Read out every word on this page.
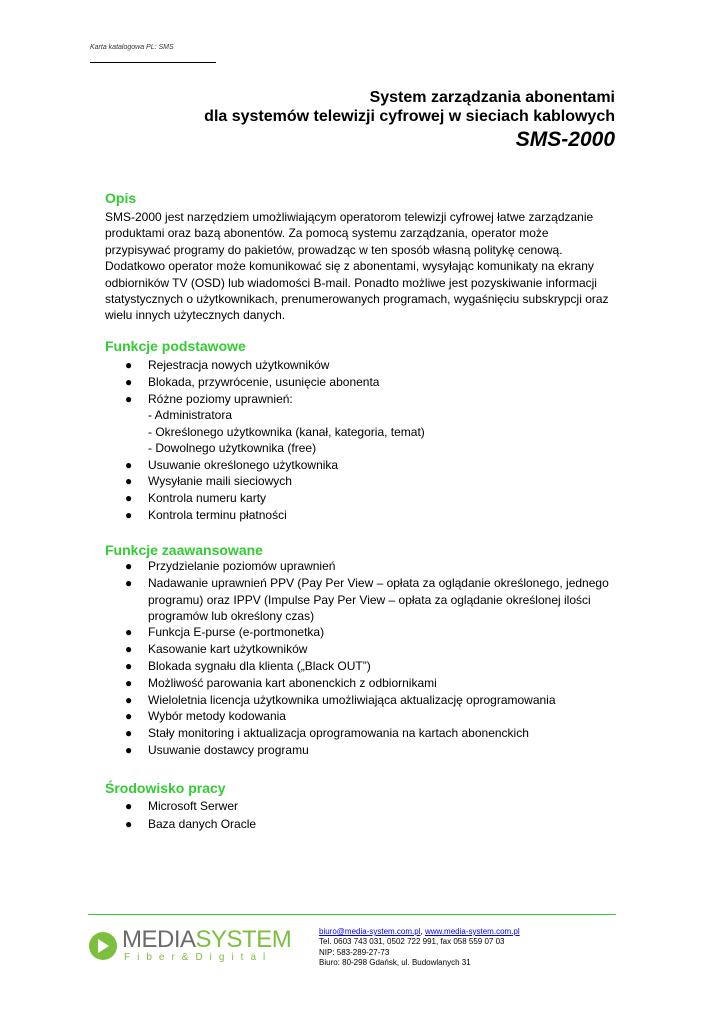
Karta katalogowa PL: SMS
System zarządzania abonentami
dla systemów telewizji cyfrowej w sieciach kablowych
SMS-2000
Opis
SMS-2000 jest narzędziem umożliwiającym operatorom telewizji cyfrowej łatwe zarządzanie
produktami oraz bazą abonentów. Za pomocą systemu zarządzania, operator może
przypisywać programy do pakietów, prowadząc w ten sposób własną politykę cenową.
Dodatkowo operator może komunikować się z abonentami, wysyłając komunikaty na ekrany
odbiorników TV (OSD) lub wiadomości B-mail. Ponadto możliwe jest pozyskiwanie informacji
statystycznych o użytkownikach, prenumerowanych programach, wygaśnięciu subskrypcji oraz
wielu innych użytecznych danych.
Funkcje podstawowe
● Rejestracja nowych użytkowników
● Blokada, przywrócenie, usunięcie abonenta
● Różne poziomy uprawnień:
- Administratora
- Określonego użytkownika (kanał, kategoria, temat)
- Dowolnego użytkownika (free)
● Usuwanie określonego użytkownika
● Wysyłanie maili sieciowych
● Kontrola numeru karty
● Kontrola terminu płatności
Funkcje zaawansowane
● Przydzielanie poziomów uprawnień
● Nadawanie uprawnień PPV (Pay Per View – opłata za oglądanie określonego, jednego
programu) oraz IPPV (Impulse Pay Per View – opłata za oglądanie określonej ilości
programów lub określony czas)
● Funkcja E-purse (e-portmonetka)
● Kasowanie kart użytkowników
● Blokada sygnału dla klienta („Black OUT”)
● Możliwość parowania kart abonenckich z odbiornikami
● Wieloletnia licencja użytkownika umożliwiająca aktualizację oprogramowania
● Wybór metody kodowania
● Stały monitoring i aktualizacja oprogramowania na kartach abonenckich
● Usuwanie dostawcy programu
Środowisko pracy
● Microsoft Serwer
● Baza danych Oracle
MEDIASYSTEM
Fiber&Digital
biuro@media-system.com.pl, www.media-system.com.pl
Tel. 0603 743 031, 0502 722 991, fax 058 559 07 03
NIP: 583-289-27-73
Biuro: 80-298 Gdańsk, ul. Budowlanych 31
